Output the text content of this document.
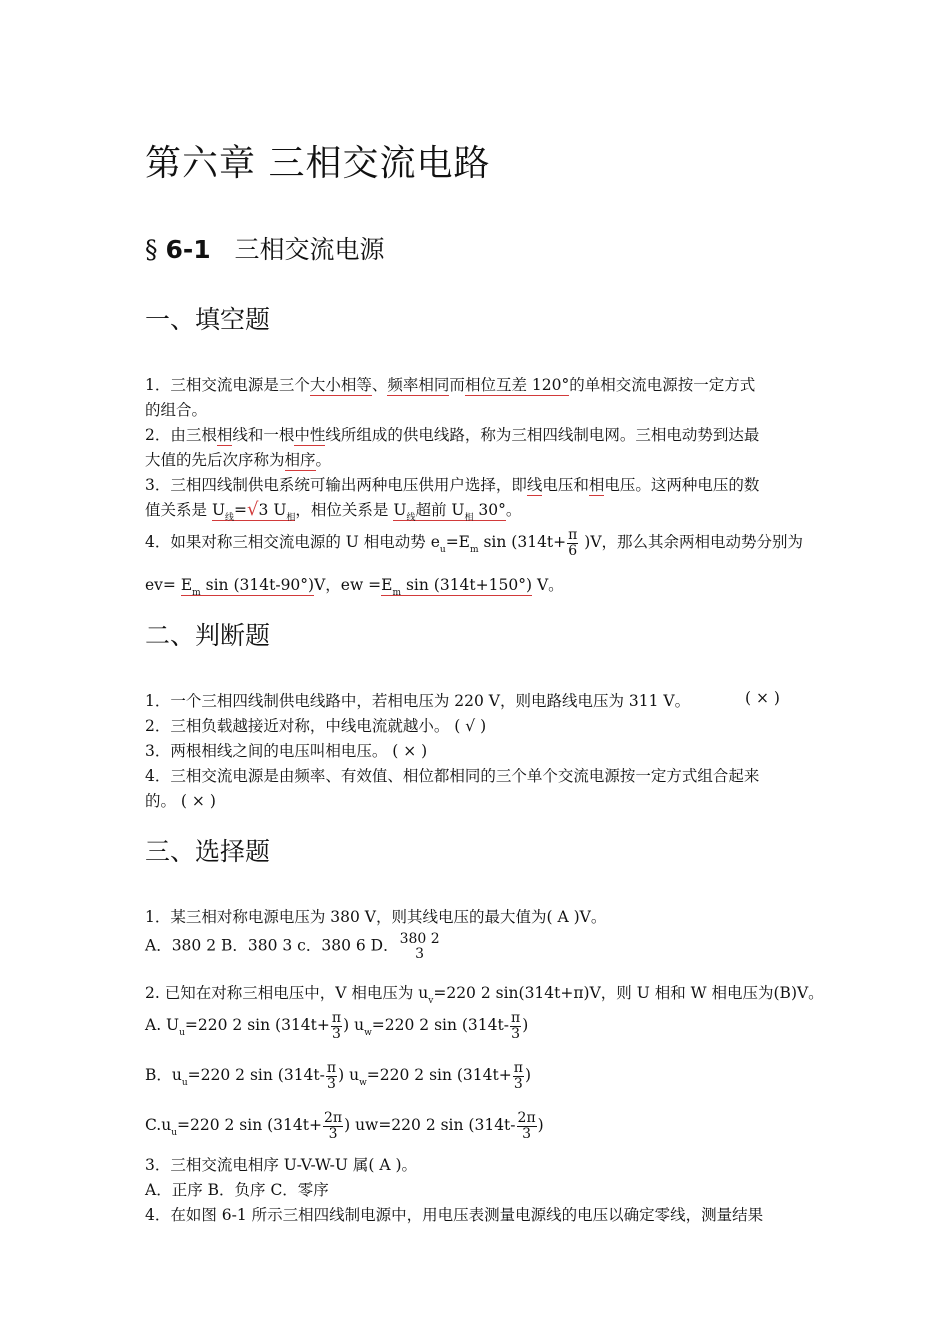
第六章 三相交流电路
§ 6-1 三相交流电源
一、填空题
1．三相交流电源是三个大小相等、频率相同而相位互差 120°的单相交流电源按一定方式
的组合。
2．由三根相线和一根中性线所组成的供电线路，称为三相四线制电网。三相电动势到达最
大值的先后次序称为相序。
3．三相四线制供电系统可输出两种电压供用户选择，即线电压和相电压。这两种电压的数
值关系是 $U_线=√3$ $U_相$，相位关系是 $U_线$超前 $U_相$ 30°。
4．如果对称三相交流电源的 U 相电动势 $e_u=E_m$ $\sin (314t+ \frac{\pi}{6} )V$，那么其余两相电动势分别为
$ev= E_m$ sin (314t-90°)V，ew $=E_m$ sin (314t+150°) V。
二、判断题
1．一个三相四线制供电线路中，若相电压为 220 V，则电路线电压为 311 V。	( × )
2．三相负载越接近对称，中线电流就越小。 ( √ )
3．两根相线之间的电压叫相电压。 ( × )
4．三相交流电源是由频率、有效值、相位都相同的三个单个交流电源按一定方式组合起来
的。 ( × )
三、选择题
1．某三相对称电源电压为 380 V，则其线电压的最大值为( A )V。
A．380 2 B．380 3 c．380 6 D． 380 2
3
2. 已知在对称三相电压中，V 相电压为 $u_v=220$ 2 sin(314t+π)V，则 U 相和 W 相电压为(B)V。
A. $U_u=220$ 2 $\sin (314t+ \frac{\pi}{3}$ ) $u_w=220$ 2 $\sin (314t- \frac{\pi}{3}$ )
B．$u_u=220$ 2 $\sin (314t- \frac{\pi}{3}$ ) $u_w=220$ 2 $\sin (314t+ \frac{\pi}{3}$ )
$C.u_u=220$ 2 $\sin (314t+ \frac{2\pi}{3}$ ) uw=220 2 $\sin (314t- \frac{2\pi}{3}$ )
3．三相交流电相序 U-V-W-U 属( A )。
A．正序 B．负序 C．零序
4．在如图 6-1 所示三相四线制电源中，用电压表测量电源线的电压以确定零线，测量结果
